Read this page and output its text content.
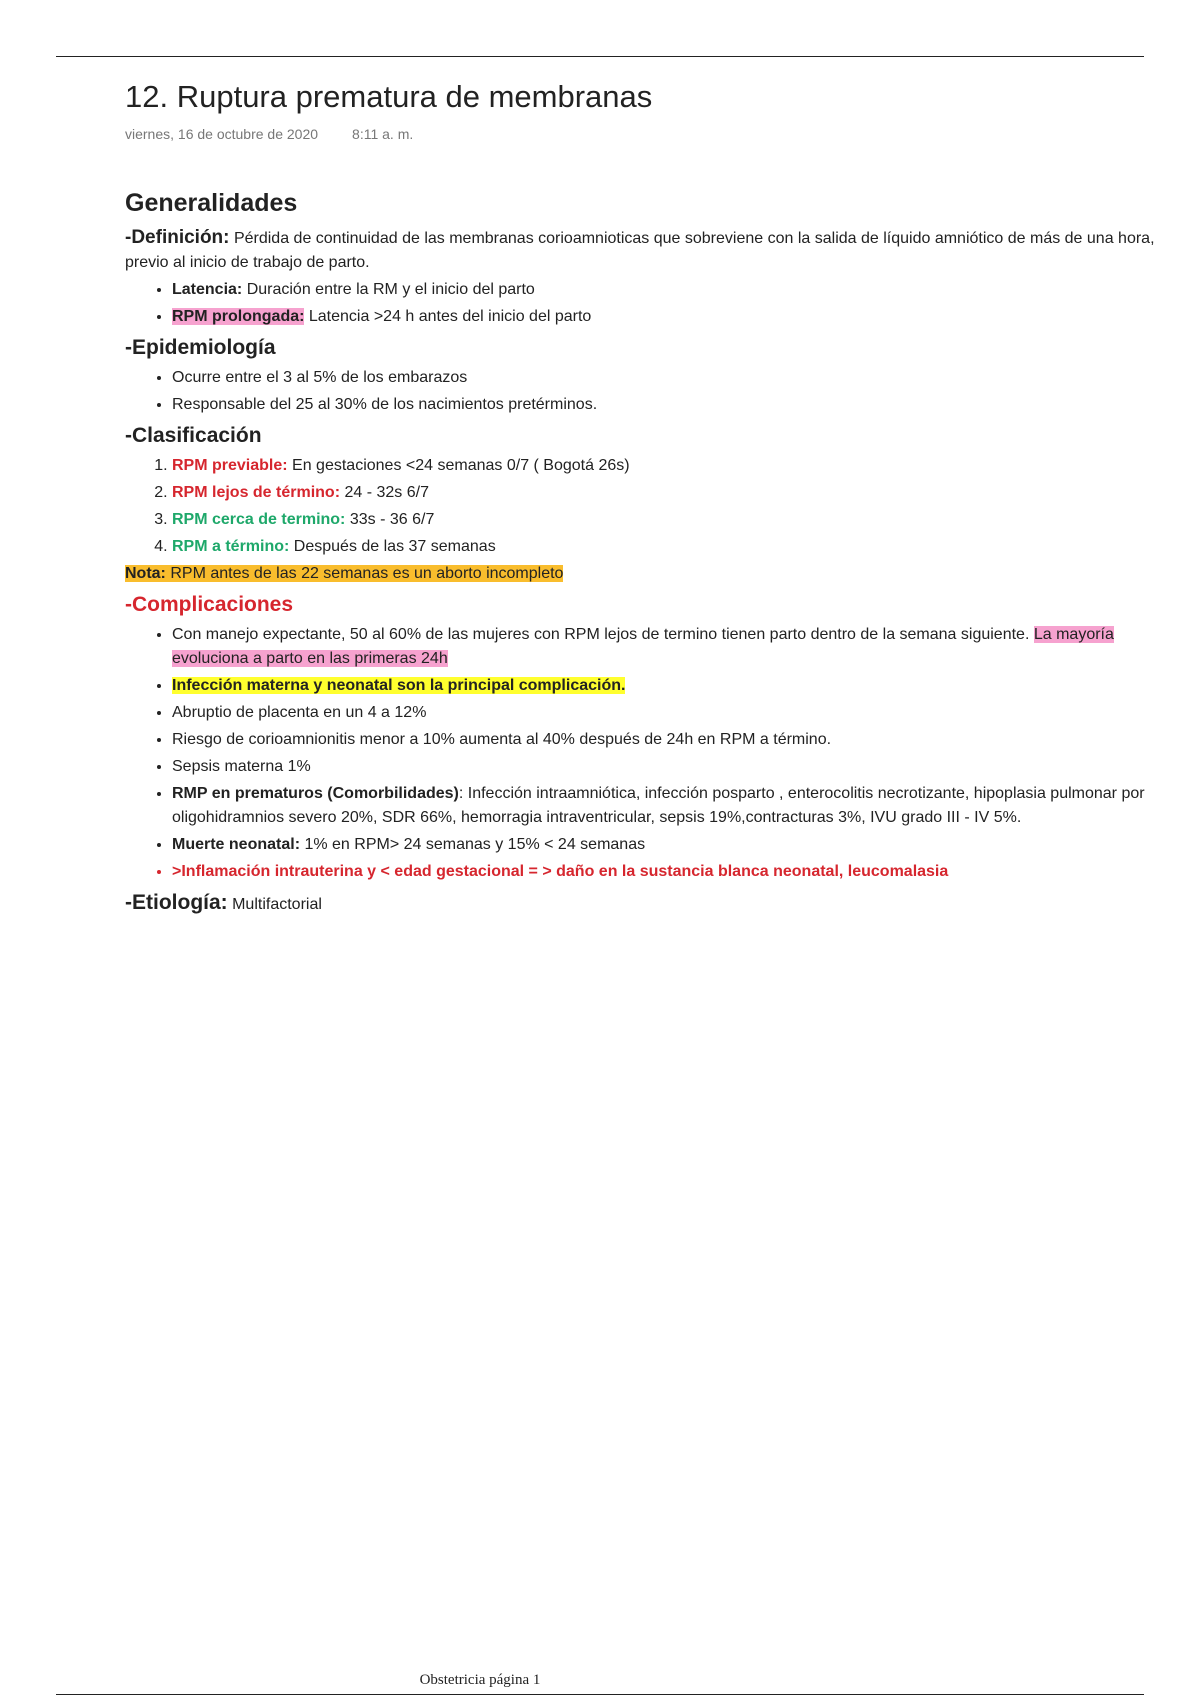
12. Ruptura prematura de membranas
viernes, 16 de octubre de 2020 8:11 a. m.
Generalidades
-Definición: Pérdida de continuidad de las membranas corioamnioticas que sobreviene con la salida de líquido amniótico de más de una hora, previo al inicio de trabajo de parto.
• Latencia: Duración entre la RM y el inicio del parto
• RPM prolongada: Latencia >24 h antes del inicio del parto
-Epidemiología
• Ocurre entre el 3 al 5% de los embarazos
• Responsable del 25 al 30% de los nacimientos pretérminos.
-Clasificación
1. RPM previable: En gestaciones <24 semanas 0/7 ( Bogotá 26s)
2. RPM lejos de término: 24 - 32s 6/7
3. RPM cerca de termino: 33s - 36 6/7
4. RPM a término: Después de las 37 semanas
Nota: RPM antes de las 22 semanas es un aborto incompleto
-Complicaciones
• Con manejo expectante, 50 al 60% de las mujeres con RPM lejos de termino tienen parto dentro de la semana siguiente. La mayoría evoluciona a parto en las primeras 24h
• Infección materna y neonatal son la principal complicación.
• Abruptio de placenta en un 4 a 12%
• Riesgo de corioamnionitis menor a 10% aumenta al 40% después de 24h en RPM a término.
• Sepsis materna 1%
• RMP en prematuros (Comorbilidades): Infección intraamniótica, infección posparto , enterocolitis necrotizante, hipoplasia pulmonar por oligohidramnios severo 20%, SDR 66%, hemorragia intraventricular, sepsis 19%,contracturas 3%, IVU grado III - IV 5%.
• Muerte neonatal: 1% en RPM> 24 semanas y 15% < 24 semanas
• >Inflamación intrauterina y < edad gestacional = > daño en la sustancia blanca neonatal, leucomalasia
-Etiología: Multifactorial
Obstetricia página 1
